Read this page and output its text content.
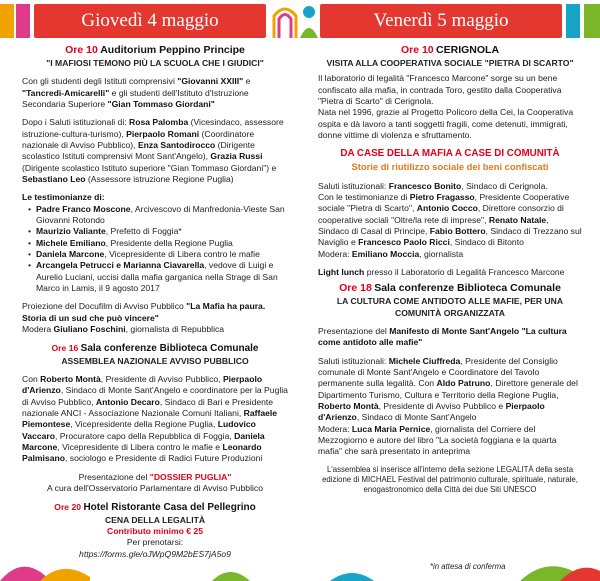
Giovedì 4 maggio	Venerdì 5 maggio
Ore 10 Auditorium Peppino Principe
"I MAFIOSI TEMONO PIÙ LA SCUOLA CHE I GIUDICI"

Con gli studenti degli Istituti comprensivi "Giovanni XXIII" e "Tancredi-Amicarelli" e gli studenti dell'Istituto d'Istruzione Secondaria Superiore "Gian Tommaso Giordani"

Dopo i Saluti istituzionali di: Rosa Palomba (Vicesindaco, assessore istruzione-cultura-turismo), Pierpaolo Romani (Coordinatore nazionale di Avviso Pubblico), Enza Santodirocco (Dirigente scolastico Istituti comprensivi Mont Sant'Angelo), Grazia Russi (Dirigente scolastico Istituto superiore "Gian Tommaso Giordani") e Sebastiano Leo (Assessore istruzione Regione Puglia)

Le testimonianze di:

• Padre Franco Moscone, Arcivescovo di Manfredonia-Vieste San Giovanni Rotondo
• Maurizio Valiante, Prefetto di Foggia*
• Michele Emiliano, Presidente della Regione Puglia
• Daniela Marcone, Vicepresidente di Libera contro le mafie
• Arcangela Petrucci e Marianna Ciavarella, vedove di Luigi e Aurelio Luciani, uccisi dalla mafia garganica nella Strage di San Marco in Lamis, il 9 agosto 2017

Proiezione del Docufilm di Avviso Pubblico "La Mafia ha paura. Storia di un sud che può vincere"
Modera Giuliano Foschini, giornalista di Repubblica

Ore 16 Sala conferenze Biblioteca Comunale
ASSEMBLEA NAZIONALE AVVISO PUBBLICO

Con Roberto Montà, Presidente di Avviso Pubblico, Pierpaolo d'Arienzo, Sindaco di Monte Sant'Angelo e coordinatore per la Puglia di Avviso Pubblico, Antonio Decaro, Sindaco di Bari e Presidente nazionale ANCI - Associazione Nazionale Comuni Italiani, Raffaele Piemontese, Vicepresidente della Regione Puglia, Ludovico Vaccaro, Procuratore capo della Repubblica di Foggia, Daniela Marcone, Vicepresidente di Libera contro le mafie e Leonardo Palmisano, sociologo e Presidente di Radici Future Produzioni

Presentazione del "DOSSIER PUGLIA"
A cura dell'Osservatorio Parlamentare di Avviso Pubblico

Ore 20 Hotel Ristorante Casa del Pellegrino
CENA DELLA LEGALITÀ
Contributo minimo € 25

Per prenotarsi:

https://forms.gle/oJWpQ9M2bES7jA5o9

Ore 10 CERIGNOLA
VISITA ALLA COOPERATIVA SOCIALE "PIETRA DI SCARTO"

Il laboratorio di legalità "Francesco Marcone" sorge su un bene confiscato alla mafia, in contrada Toro, gestito dalla Cooperativa "Pietra di Scarto" di Cerignola.

Nata nel 1996, grazie al Progetto Policoro della Cei, la Cooperativa ospita e dà lavoro a tanti soggetti fragili, come detenuti, immigrati, donne vittime di violenza e sfruttamento.

DA CASE DELLA MAFIA A CASE DI COMUNITÀ
Storie di riutilizzo sociale dei beni confiscati

Saluti istituzionali: Francesco Bonito, Sindaco di Cerignola.
Con le testimonianze di Pietro Fragasso, Presidente Cooperative sociale "Pietra di Scarto", Antonio Cocco, Direttore consorzio di cooperative sociali "Oltre/la rete di imprese", Renato Natale, Sindaco di Casal di Principe, Fabio Bottero, Sindaco di Trezzano sul Naviglio e Francesco Paolo Ricci, Sindaco di Bitonto
Modera: Emiliano Moccia, giornalista

Light lunch presso il Laboratorio di Legalità Francesco Marcone

Ore 18 Sala conferenze Biblioteca Comunale
LA CULTURA COME ANTIDOTO ALLE MAFIE, PER UNA COMUNITÀ ORGANIZZATA

Presentazione del Manifesto di Monte Sant'Angelo "La cultura come antidoto alle mafie"

Saluti istituzionali: Michele Ciuffreda, Presidente del Consiglio comunale di Monte Sant'Angelo e Coordinatore del Tavolo permanente sulla legalità. Con Aldo Patruno, Direttore generale del Dipartimento Turismo, Cultura e Territorio della Regione Puglia, Roberto Montà, Presidente di Avviso Pubblico e Pierpaolo d'Arienzo, Sindaco di Monte Sant'Angelo
Modera: Luca Maria Pernice, giornalista del Corriere del Mezzogiorno e autore del libro "La società foggiana e la quarta mafia" che sarà presentato in anteprima

L'assemblea si inserisce all'interno della sezione LEGALITÀ della sesta edizione di MICHAEL Festival del patrimonio culturale, spirituale, naturale, enogastronomico della Città dei due Siti UNESCO

*in attesa di conferma
